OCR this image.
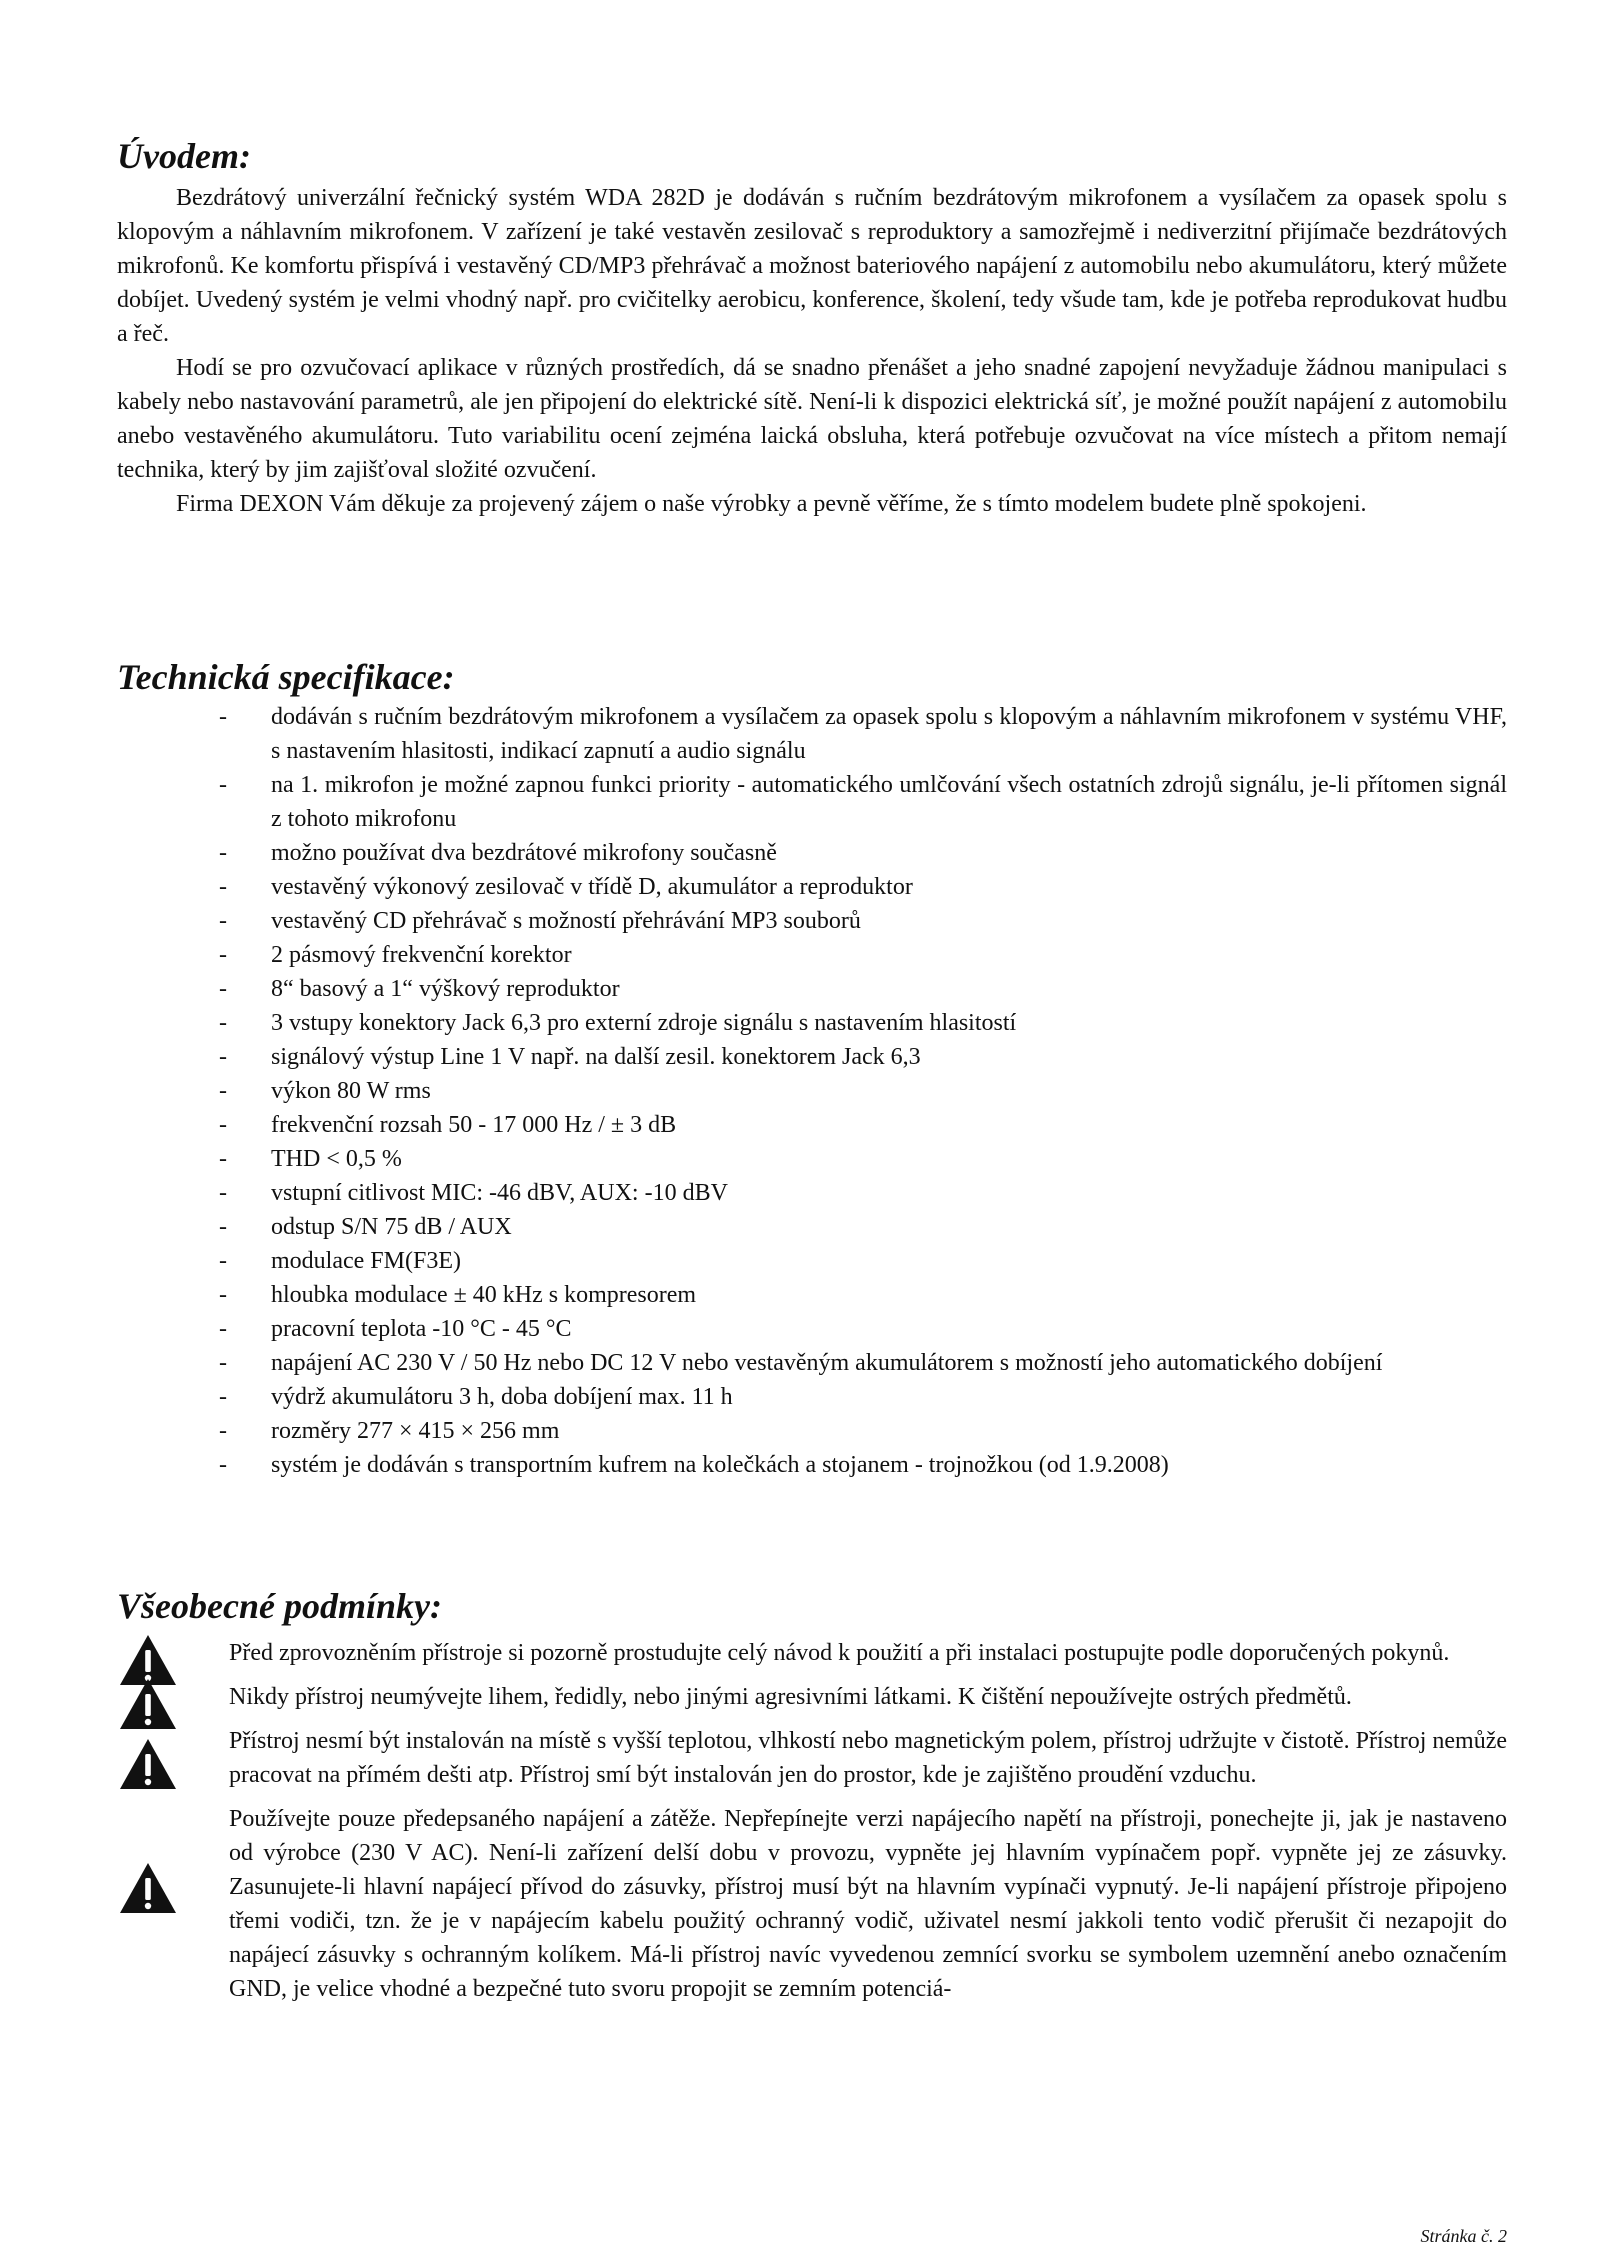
Úvodem:

Bezdrátový univerzální řečnický systém WDA 282D je dodáván s ručním bezdrátovým mikrofonem a vysílačem za opasek spolu s klopovým a náhlavním mikrofonem. V zařízení je také vestavěn zesilovač s reproduktory a samozřejmě i nediverzitní přijímače bezdrátových mikrofonů. Ke komfortu přispívá i vestavěný CD/MP3 přehrávač a možnost bateriového napájení z automobilu nebo akumulátoru, který můžete dobíjet. Uvedený systém je velmi vhodný např. pro cvičitelky aerobicu, konference, školení, tedy všude tam, kde je potřeba reprodukovat hudbu a řeč.

Hodí se pro ozvučovací aplikace v různých prostředích, dá se snadno přenášet a jeho snadné zapojení nevyžaduje žádnou manipulaci s kabely nebo nastavování parametrů, ale jen připojení do elektrické sítě. Není-li k dispozici elektrická síť, je možné použít napájení z automobilu anebo vestavěného akumulátoru. Tuto variabilitu ocení zejména laická obsluha, která potřebuje ozvučovat na více místech a přitom nemají technika, který by jim zajišťoval složité ozvučení.

Firma DEXON Vám děkuje za projevený zájem o naše výrobky a pevně věříme, že s tímto modelem budete plně spokojeni.

Technická specifikace:
- dodáván s ručním bezdrátovým mikrofonem a vysílačem za opasek spolu s klopovým a náhlavním mikrofonem v systému VHF, s nastavením hlasitosti, indikací zapnutí a audio signálu
- na 1. mikrofon je možné zapnou funkci priority - automatického umlčování všech ostatních zdrojů signálu, je-li přítomen signál z tohoto mikrofonu
- možno používat dva bezdrátové mikrofony současně
- vestavěný výkonový zesilovač v třídě D, akumulátor a reproduktor
- vestavěný CD přehrávač s možností přehrávání MP3 souborů
- 2 pásmový frekvenční korektor
- 8“ basový a 1“ výškový reproduktor
- 3 vstupy konektory Jack 6,3 pro externí zdroje signálu s nastavením hlasitostí
- signálový výstup Line 1 V např. na další zesil. konektorem Jack 6,3
- výkon 80 W rms
- frekvenční rozsah 50 - 17 000 Hz / ± 3 dB
- THD < 0,5 %
- vstupní citlivost MIC: -46 dBV, AUX: -10 dBV
- odstup S/N 75 dB / AUX
- modulace FM(F3E)
- hloubka modulace ± 40 kHz s kompresorem
- pracovní teplota -10 °C - 45 °C
- napájení AC 230 V / 50 Hz nebo DC 12 V nebo vestavěným akumulátorem s možností jeho automatického dobíjení
- výdrž akumulátoru 3 h, doba dobíjení max. 11 h
- rozměry 277 × 415 × 256 mm
- systém je dodáván s transportním kufrem na kolečkách a stojanem - trojnožkou (od 1.9.2008)
Všeobecné podmínky:
Před zprovozněním přístroje si pozorně prostudujte celý návod k použití a při instalaci postupujte podle doporučených pokynů.
Nikdy přístroj neumývejte lihem, ředidly, nebo jinými agresivními látkami. K čištění nepoužívejte ostrých předmětů.
Přístroj nesmí být instalován na místě s vyšší teplotou, vlhkostí nebo magnetickým polem, přístroj udržujte v čistotě. Přístroj nemůže pracovat na přímém dešti atp. Přístroj smí být instalován jen do prostor, kde je zajištěno proudění vzduchu.
Používejte pouze předepsaného napájení a zátěže. Nepřepínejte verzi napájecího napětí na přístroji, ponechejte ji, jak je nastaveno od výrobce (230 V AC). Není-li zařízení delší dobu v provozu, vypněte jej hlavním vypínačem popř. vypněte jej ze zásuvky. Zasunujete-li hlavní napájecí přívod do zásuvky, přístroj musí být na hlavním vypínači vypnutý. Je-li napájení přístroje připojeno třemi vodiči, tzn. že je v napájecím kabelu použitý ochranný vodič, uživatel nesmí jakkoli tento vodič přerušit či nezapojit do napájecí zásuvky s ochranným kolíkem. Má-li přístroj navíc vyvedenou zemnící svorku se symbolem uzemnění anebo označením GND, je velice vhodné a bezpečné tuto svoru propojit se zemním potenciá-
Stránka č. 2
